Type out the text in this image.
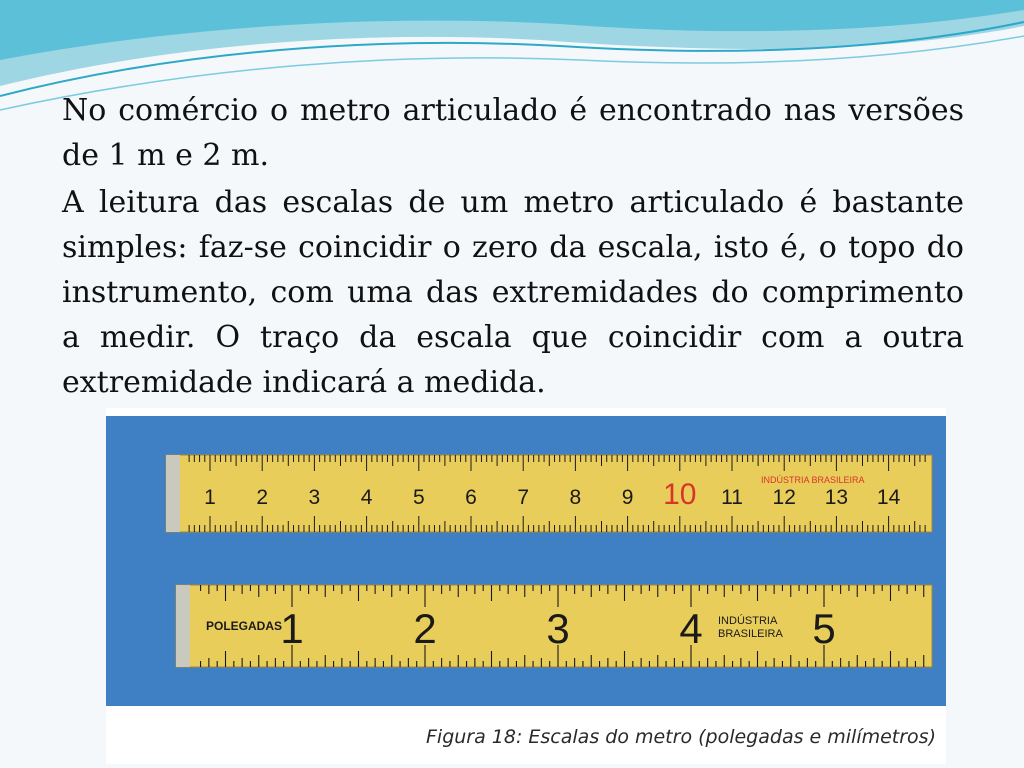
No comércio o metro articulado é encontrado nas versões de 1 m e 2 m.

A leitura das escalas de um metro articulado é bastante simples: faz-se coincidir o zero da escala, isto é, o topo do instrumento, com uma das extremidades do comprimento a medir. O traço da escala que coincidir com a outra extremidade indicará a medida.

1 2 3 4 5 6 7 8 9 10 11 12 13 14
INDÚSTRIA BRASILEIRA
1	2	3	4	5
POLEGADAS	INDÚSTRIA
BRASILEIRA
Figura 18: Escalas do metro (polegadas e milímetros)
